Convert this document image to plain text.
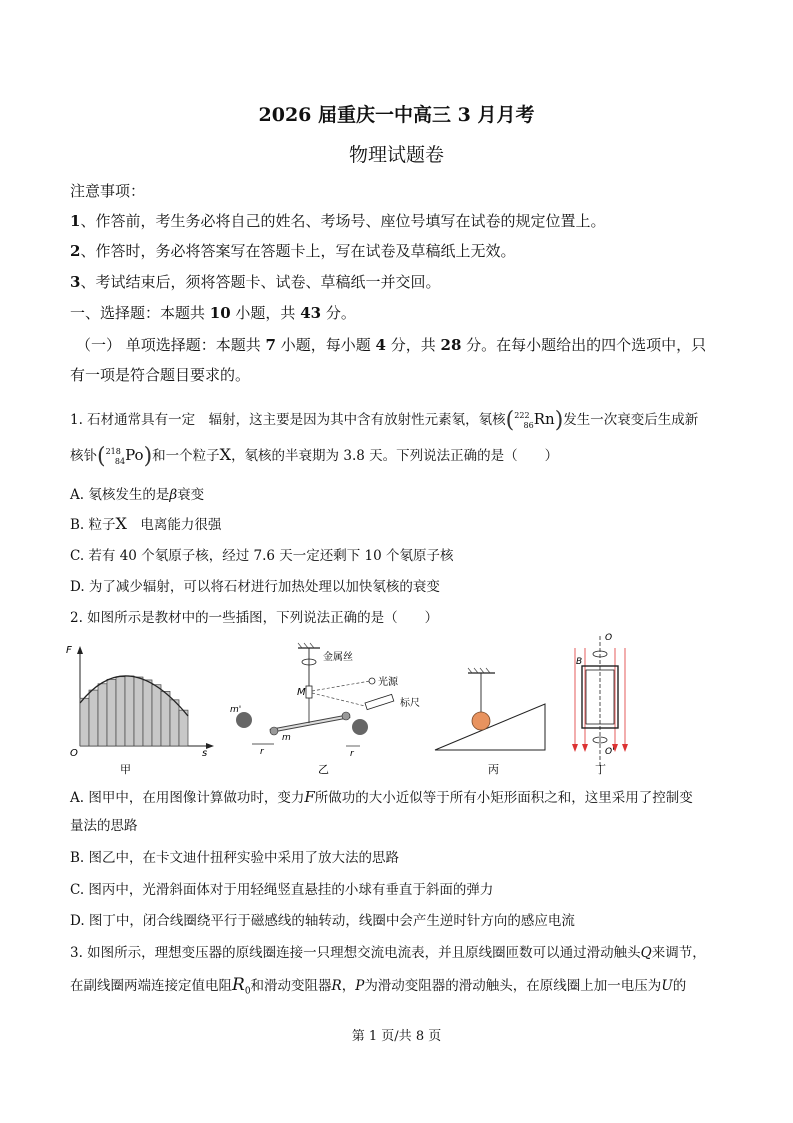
2026 届重庆一中高三 3 月月考
物理试题卷
注意事项：
1、作答前，考生务必将自己的姓名、考场号、座位号填写在试卷的规定位置上。
2、作答时，务必将答案写在答题卡上，写在试卷及草稿纸上无效。
3、考试结束后，须将答题卡、试卷、草稿纸一并交回。
一、选择题：本题共 10 小题，共 43 分。
（一） 单项选择题：本题共 7 小题，每小题 4 分，共 28 分。在每小题给出的四个选项中，只
有一项是符合题目要求的。
1. 石材通常具有一定　辐射，这主要是因为其中含有放射性元素氡，氡核($^{222}_{86}$Rn)发生一次衰变后生成新
核钋($^{218}_{84}$Po)和一个粒子X，氡核的半衰期为 3.8 天。下列说法正确的是（　　）
A. 氡核发生的是β衰变
B. 粒子X　电离能力很强
C. 若有 40 个氡原子核，经过 7.6 天一定还剩下 10 个氡原子核
D. 为了减少辐射，可以将石材进行加热处理以加快氡核的衰变
2. 如图所示是教材中的一些插图，下列说法正确的是（　　）
F
O	s
甲
金属丝
光源
标尺
M
m'
m
r	r
乙	丙
O
O'
B
丁
A. 图甲中，在用图像计算做功时，变力F所做功的大小近似等于所有小矩形面积之和，这里采用了控制变
量法的思路
B. 图乙中，在卡文迪什扭秤实验中采用了放大法的思路
C. 图丙中，光滑斜面体对于用轻绳竖直悬挂的小球有垂直于斜面的弹力
D. 图丁中，闭合线圈绕平行于磁感线的轴转动，线圈中会产生逆时针方向的感应电流
3. 如图所示，理想变压器的原线圈连接一只理想交流电流表，并且原线圈匝数可以通过滑动触头Q来调节，
在副线圈两端连接定值电阻$R_0$和滑动变阻器R，P为滑动变阻器的滑动触头，在原线圈上加一电压为U的
第 1 页/共 8 页
